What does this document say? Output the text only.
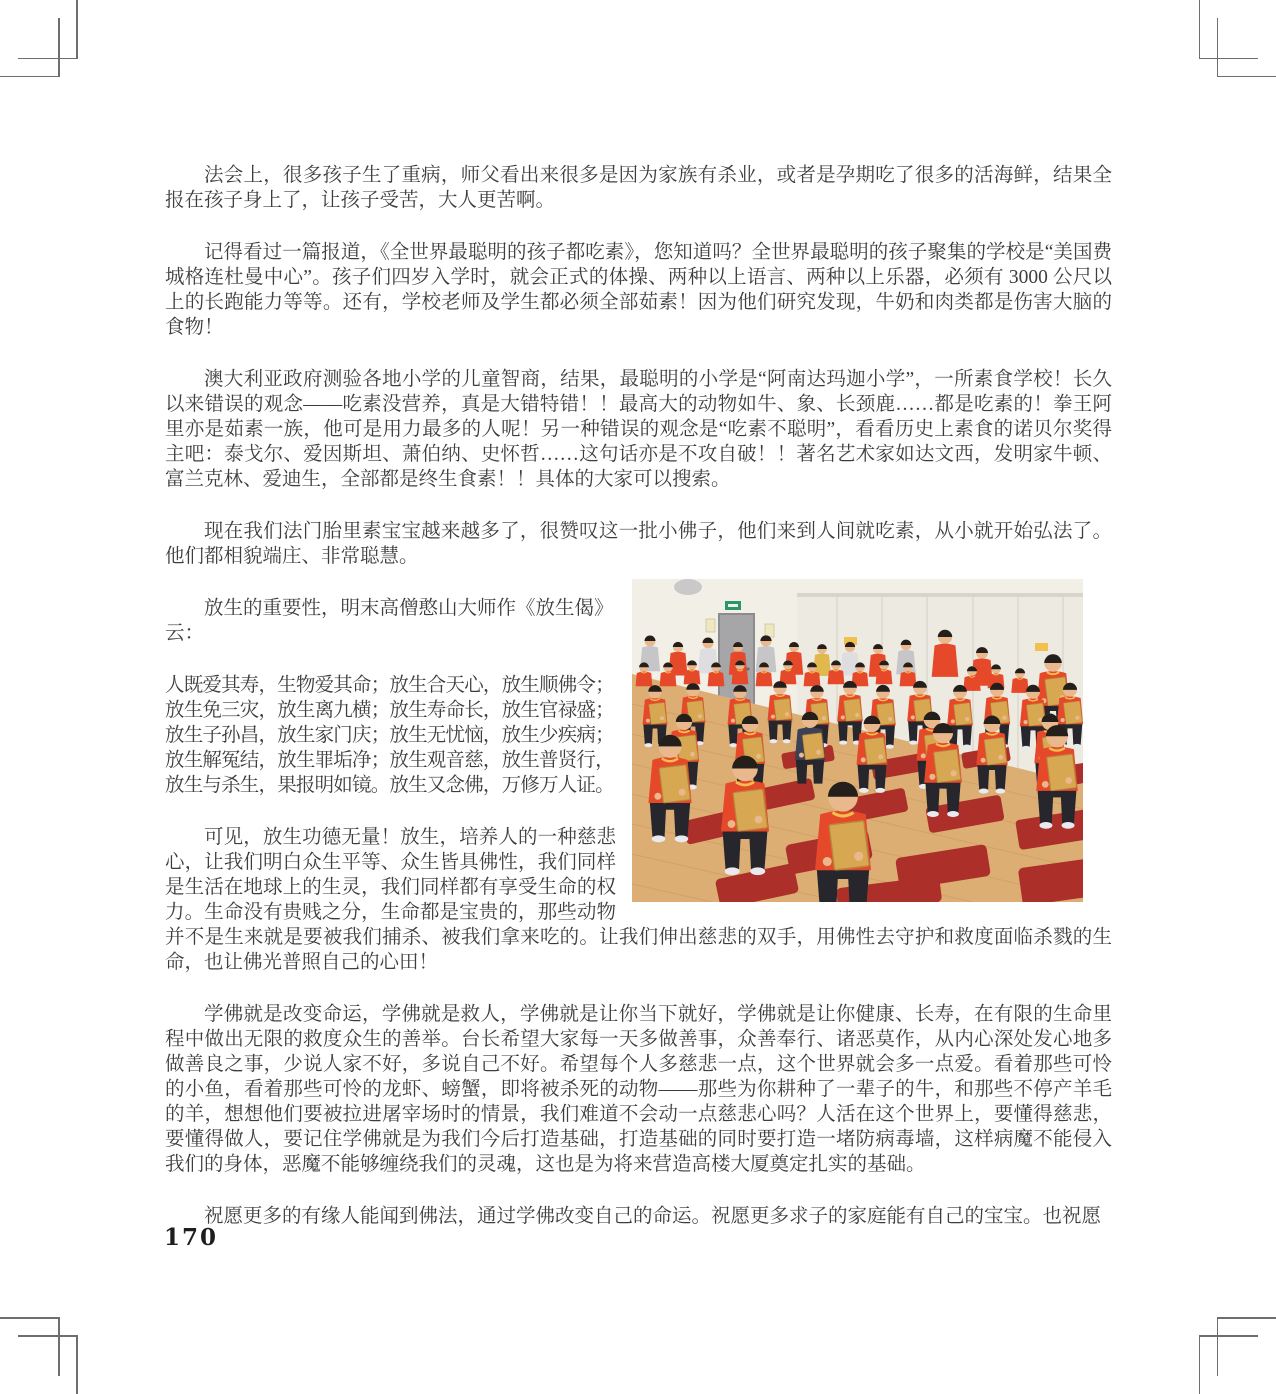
法会上，很多孩子生了重病，师父看出来很多是因为家族有杀业，或者是孕期吃了很多的活海鲜，结果全报在孩子身上了，让孩子受苦，大人更苦啊。

记得看过一篇报道，《全世界最聪明的孩子都吃素》，您知道吗？全世界最聪明的孩子聚集的学校是“美国费城格连杜曼中心”。孩子们四岁入学时，就会正式的体操、两种以上语言、两种以上乐器，必须有 3000 公尺以上的长跑能力等等。还有，学校老师及学生都必须全部茹素！因为他们研究发现，牛奶和肉类都是伤害大脑的食物！

澳大利亚政府测验各地小学的儿童智商，结果，最聪明的小学是“阿南达玛迦小学”，一所素食学校！长久以来错误的观念——吃素没营养，真是大错特错！！最高大的动物如牛、象、长颈鹿……都是吃素的！拳王阿里亦是茹素一族，他可是用力最多的人呢！另一种错误的观念是“吃素不聪明”，看看历史上素食的诺贝尔奖得主吧：泰戈尔、爱因斯坦、萧伯纳、史怀哲……这句话亦是不攻自破！！著名艺术家如达文西，发明家牛顿、富兰克林、爱迪生，全部都是终生食素！！具体的大家可以搜索。

现在我们法门胎里素宝宝越来越多了，很赞叹这一批小佛子，他们来到人间就吃素，从小就开始弘法了。他们都相貌端庄、非常聪慧。

放生的重要性，明末高僧憨山大师作《放生偈》
云：
人既爱其寿，生物爱其命；放生合天心，放生顺佛令；
放生免三灾，放生离九横；放生寿命长，放生官禄盛；
放生子孙昌，放生家门庆；放生无忧恼，放生少疾病；
放生解冤结，放生罪垢净；放生观音慈，放生普贤行，
放生与杀生，果报明如镜。放生又念佛，万修万人证。

可见，放生功德无量！放生，培养人的一种慈悲心，让我们明白众生平等、众生皆具佛性，我们同样是生活在地球上的生灵，我们同样都有享受生命的权力。生命没有贵贱之分，生命都是宝贵的，那些动物并不是生来就是要被我们捕杀、被我们拿来吃的。让我们伸出慈悲的双手，用佛性去守护和救度面临杀戮的生命，也让佛光普照自己的心田！

学佛就是改变命运，学佛就是救人，学佛就是让你当下就好，学佛就是让你健康、长寿，在有限的生命里程中做出无限的救度众生的善举。台长希望大家每一天多做善事，众善奉行、诸恶莫作，从内心深处发心地多做善良之事，少说人家不好，多说自己不好。希望每个人多慈悲一点，这个世界就会多一点爱。看着那些可怜的小鱼，看着那些可怜的龙虾、螃蟹，即将被杀死的动物——那些为你耕种了一辈子的牛，和那些不停产羊毛的羊，想想他们要被拉进屠宰场时的情景，我们难道不会动一点慈悲心吗？人活在这个世界上，要懂得慈悲，要懂得做人，要记住学佛就是为我们今后打造基础，打造基础的同时要打造一堵防病毒墙，这样病魔不能侵入我们的身体，恶魔不能够缠绕我们的灵魂，这也是为将来营造高楼大厦奠定扎实的基础。

祝愿更多的有缘人能闻到佛法，通过学佛改变自己的命运。祝愿更多求子的家庭能有自己的宝宝。也祝愿

170
